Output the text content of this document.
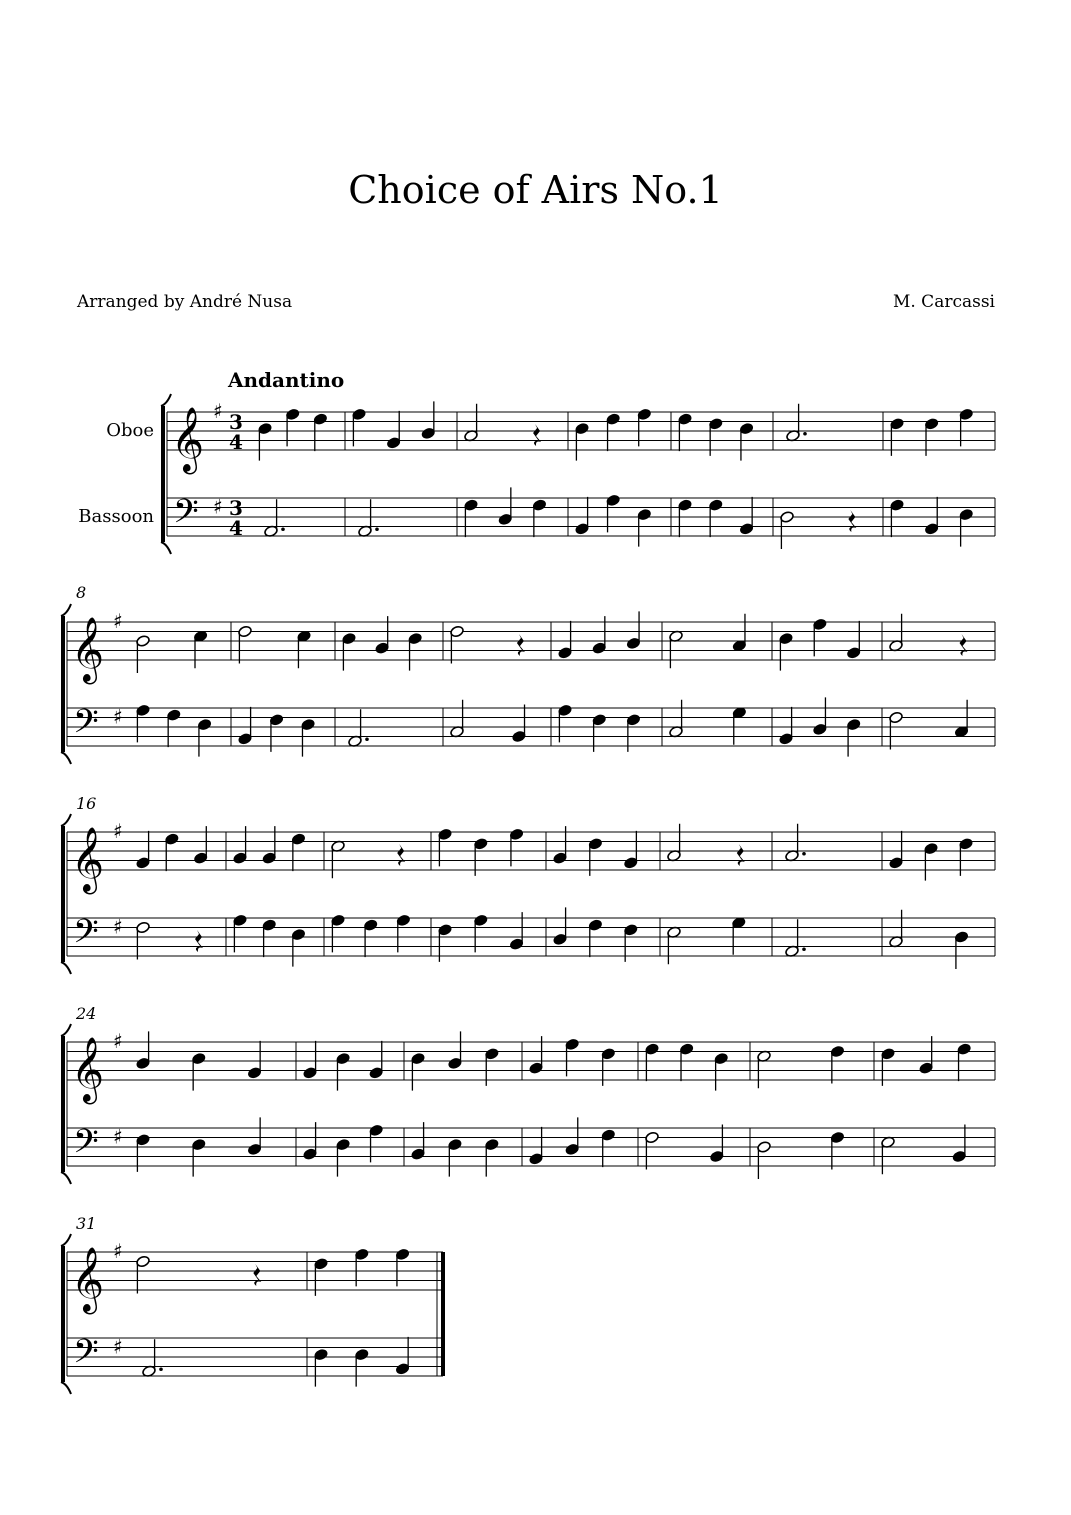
Choice of Airs No.1
Arranged by André Nusa	M. Carcassi
Andantino
Oboe
Bassoon
8
16
24
31
𝄞
𝄢
♯
♯
3
4
3
4
𝄞
𝄢
♯
♯
𝄞
𝄢
♯
♯
𝄞
𝄢
♯
♯
𝄞
𝄢
♯
♯
